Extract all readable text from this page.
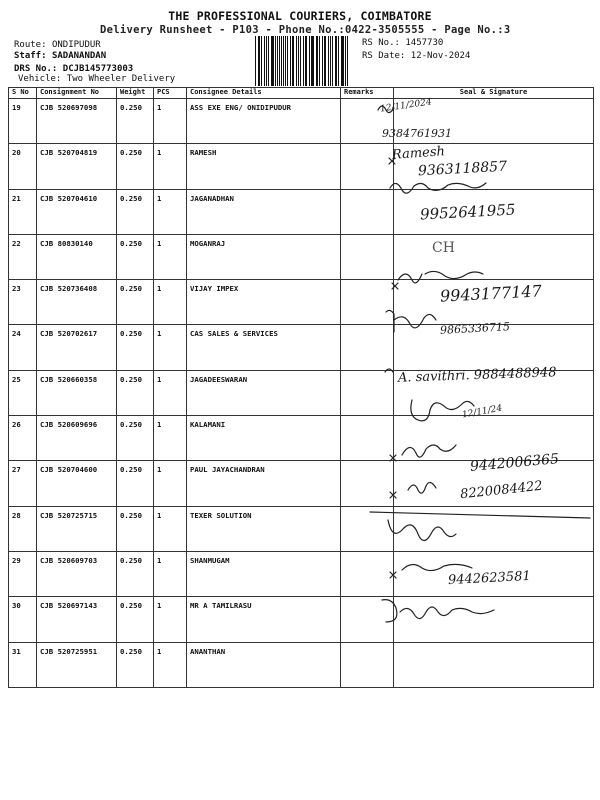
THE PROFESSIONAL COURIERS, COIMBATORE
Delivery Runsheet - P103 - Phone No.:0422-3505555 - Page No.:3
Route: ONDIPUDUR
Staff: SADANANDAN
DRS No.: DCJB145773003
Vehicle: Two Wheeler Delivery
RS No.: 1457730
RS Date: 12-Nov-2024
S No	Consignment No	Weight	PCS	Consignee Details	Remarks	Seal & Signature
19	CJB 520697098	0.250	1	ASS EXE ENG/ ONIDIPUDUR		
20	CJB 520704819	0.250	1	RAMESH		
21	CJB 520704610	0.250	1	JAGANADHAN		
22	CJB 80830140	0.250	1	MOGANRAJ		
23	CJB 520736408	0.250	1	VIJAY IMPEX		
24	CJB 520702617	0.250	1	CAS SALES & SERVICES		
25	CJB 520660358	0.250	1	JAGADEESWARAN		
26	CJB 520609696	0.250	1	KALAMANI		
27	CJB 520704600	0.250	1	PAUL JAYACHANDRAN		
28	CJB 520725715	0.250	1	TEXER SOLUTION		
29	CJB 520609703	0.250	1	SHANMUGAM		
30	CJB 520697143	0.250	1	MR A TAMILRASU		
31	CJB 520725951	0.250	1	ANANTHAN		
12/11/2024
9384761931
Ramesh
9363118857
9952641955
CH
9943177147
9865336715
A. savithri. 9884488948
12/11/24
9442006365
8220084422
9442623581
